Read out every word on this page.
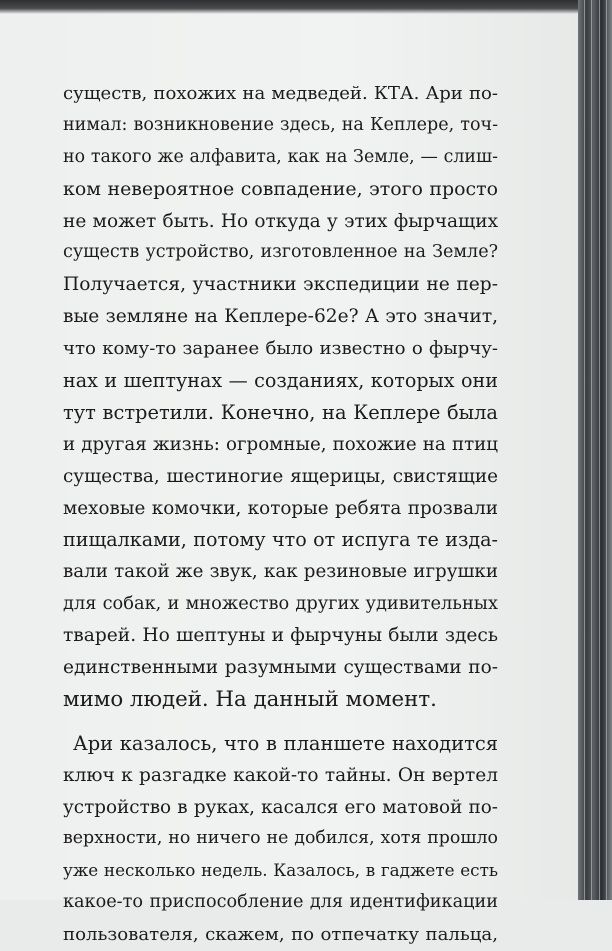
существ, похожих на медведей. КТА. Ари по-
нимал: возникновение здесь, на Кеплере, точ-
но такого же алфавита, как на Земле, — слиш-
ком невероятное совпадение, этого просто
не может быть. Но откуда у этих фырчащих
существ устройство, изготовленное на Земле?
Получается, участники экспедиции не пер-
вые земляне на Кеплере-62е? А это значит,
что кому-то заранее было известно о фырчу-
нах и шептунах — созданиях, которых они
тут встретили. Конечно, на Кеплере была
и другая жизнь: огромные, похожие на птиц
существа, шестиногие ящерицы, свистящие
меховые комочки, которые ребята прозвали
пищалками, потому что от испуга те изда-
вали такой же звук, как резиновые игрушки
для собак, и множество других удивительных
тварей. Но шептуны и фырчуны были здесь
единственными разумными существами по-
мимо людей. На данный момент.
Ари казалось, что в планшете находится
ключ к разгадке какой-то тайны. Он вертел
устройство в руках, касался его матовой по-
верхности, но ничего не добился, хотя прошло
уже несколько недель. Казалось, в гаджете есть
какое-то приспособление для идентификации
пользователя, скажем, по отпечатку пальца,
